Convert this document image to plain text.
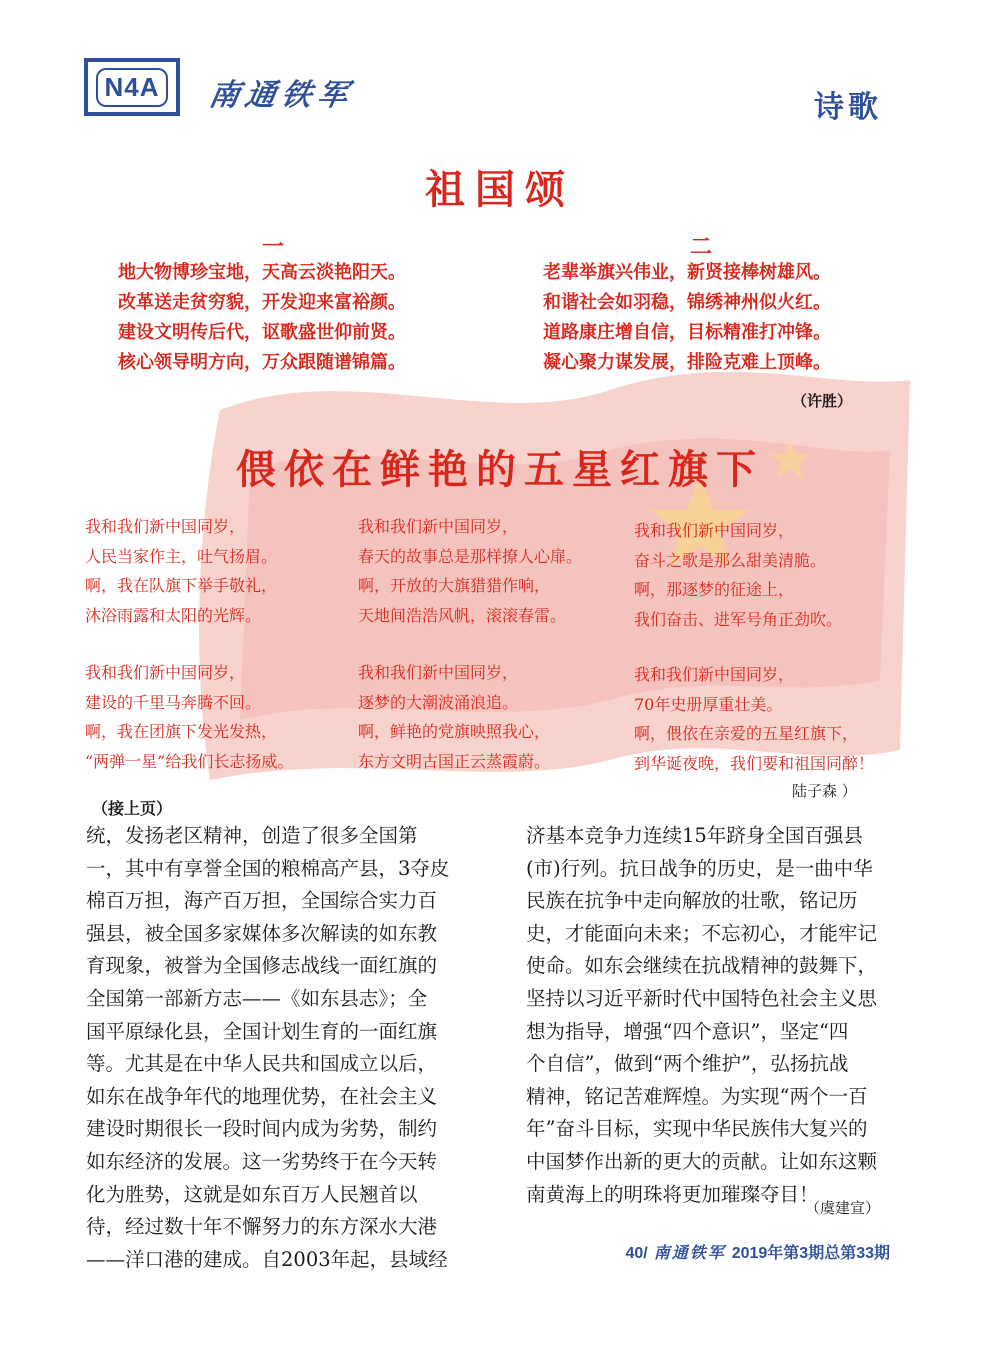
N4A 南通铁军	诗歌
祖国颂
一	二
地大物博珍宝地，天高云淡艳阳天。
改革送走贫穷貌，开发迎来富裕颜。
建设文明传后代，讴歌盛世仰前贤。
核心领导明方向，万众跟随谱锦篇。
老辈举旗兴伟业，新贤接棒树雄风。
和谐社会如羽稳，锦绣神州似火红。
道路康庄增自信，目标精准打冲锋。
凝心聚力谋发展，排险克难上顶峰。
（许胜）
偎依在鲜艳的五星红旗下
我和我们新中国同岁，
人民当家作主，吐气扬眉。
啊，我在队旗下举手敬礼，
沐浴雨露和太阳的光辉。
我和我们新中国同岁，
春天的故事总是那样撩人心扉。
啊，开放的大旗猎猎作响，
天地间浩浩风帆，滚滚春雷。
我和我们新中国同岁，
奋斗之歌是那么甜美清脆。
啊，那逐梦的征途上，
我们奋击、进军号角正劲吹。
我和我们新中国同岁，
建设的千里马奔腾不回。
啊，我在团旗下发光发热，
“两弹一星”给我们长志扬威。
我和我们新中国同岁，
逐梦的大潮波涌浪追。
啊，鲜艳的党旗映照我心，
东方文明古国正云蒸霞蔚。
我和我们新中国同岁，
70年史册厚重壮美。
啊，偎依在亲爱的五星红旗下，
到华诞夜晚，我们要和祖国同醉！
陆子森 ）
（接上页）
统，发扬老区精神，创造了很多全国第
一，其中有享誉全国的粮棉高产县，3夺皮
棉百万担，海产百万担，全国综合实力百
强县，被全国多家媒体多次解读的如东教
育现象，被誉为全国修志战线一面红旗的
全国第一部新方志——《如东县志》；全
国平原绿化县，全国计划生育的一面红旗
等。尤其是在中华人民共和国成立以后，
如东在战争年代的地理优势，在社会主义
建设时期很长一段时间内成为劣势，制约
如东经济的发展。这一劣势终于在今天转
化为胜势，这就是如东百万人民翘首以
待，经过数十年不懈努力的东方深水大港
——洋口港的建成。自2003年起，县域经
济基本竞争力连续15年跻身全国百强县
(市)行列。抗日战争的历史，是一曲中华
民族在抗争中走向解放的壮歌，铭记历
史，才能面向未来；不忘初心，才能牢记
使命。如东会继续在抗战精神的鼓舞下，
坚持以习近平新时代中国特色社会主义思
想为指导，增强“四个意识”，坚定“四
个自信”，做到“两个维护”，弘扬抗战
精神，铭记苦难辉煌。为实现“两个一百
年”奋斗目标，实现中华民族伟大复兴的
中国梦作出新的更大的贡献。让如东这颗
南黄海上的明珠将更加璀璨夺目！
（虞建宣）
40/ 南通铁军 2019年第3期总第33期
